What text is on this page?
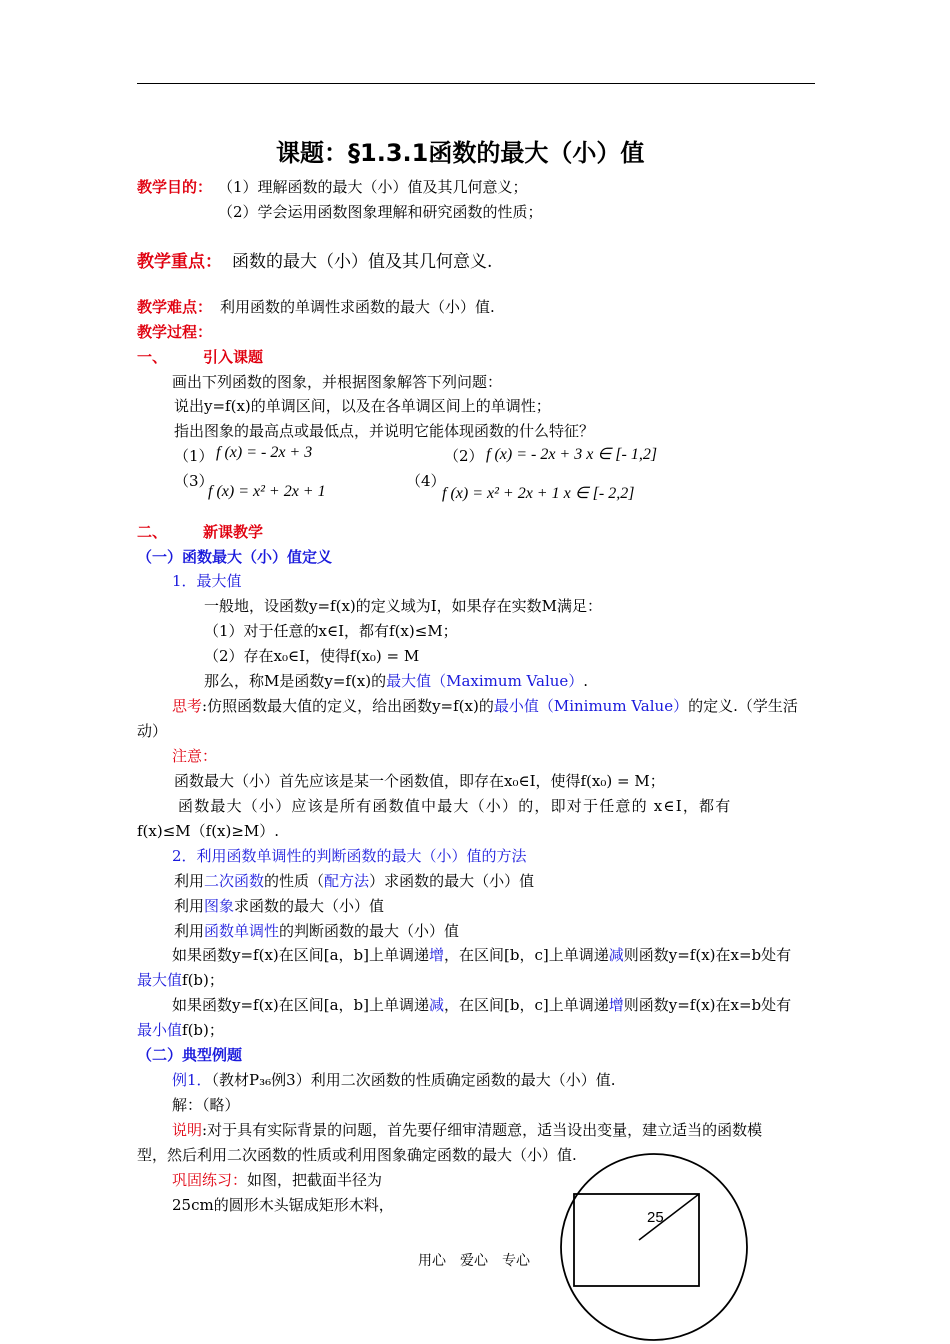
课题：§1.3.1函数的最大（小）值
教学目的： （1）理解函数的最大（小）值及其几何意义；
（2）学会运用函数图象理解和研究函数的性质；
教学重点： 函数的最大（小）值及其几何意义.
教学难点： 利用函数的单调性求函数的最大（小）值.
教学过程：
一、 引入课题
画出下列函数的图象，并根据图象解答下列问题：
说出y=f(x)的单调区间，以及在各单调区间上的单调性；
指出图象的最高点或最低点，并说明它能体现函数的什么特征？
（1） f (x) = - 2x + 3	（2） f (x) = - 2x + 3 x ∈ [- 1,2]
（3）
f (x) = x² + 2x + 1
（4）
f (x) = x² + 2x + 1 x ∈ [- 2,2]
二、 新课教学
（一）函数最大（小）值定义
1．最大值
一般地，设函数y=f(x)的定义域为I，如果存在实数M满足：
（1）对于任意的x∈I，都有f(x)≤M；
（2）存在x₀∈I，使得f(x₀) = M
那么，称M是函数y=f(x)的最大值（Maximum Value）.
思考:仿照函数最大值的定义，给出函数y=f(x)的最小值（Minimum Value）的定义.（学生活
动）
注意：
函数最大（小）首先应该是某一个函数值，即存在x₀∈I，使得f(x₀) = M；
函数最大（小）应该是所有函数值中最大（小）的，即对于任意的 x∈I，都有
f(x)≤M（f(x)≥M）.
2．利用函数单调性的判断函数的最大（小）值的方法
利用二次函数的性质（配方法）求函数的最大（小）值
利用图象求函数的最大（小）值
利用函数单调性的判断函数的最大（小）值
如果函数y=f(x)在区间[a，b]上单调递增，在区间[b，c]上单调递减则函数y=f(x)在x=b处有
最大值f(b)；
如果函数y=f(x)在区间[a，b]上单调递减，在区间[b，c]上单调递增则函数y=f(x)在x=b处有
最小值f(b)；
（二）典型例题
例1．（教材P₃₆例3）利用二次函数的性质确定函数的最大（小）值.
解：（略）
说明:对于具有实际背景的问题，首先要仔细审清题意，适当设出变量，建立适当的函数模
型，然后利用二次函数的性质或利用图象确定函数的最大（小）值.
巩固练习：如图，把截面半径为
25cm的圆形木头锯成矩形木料，
25
用心　爱心　专心
